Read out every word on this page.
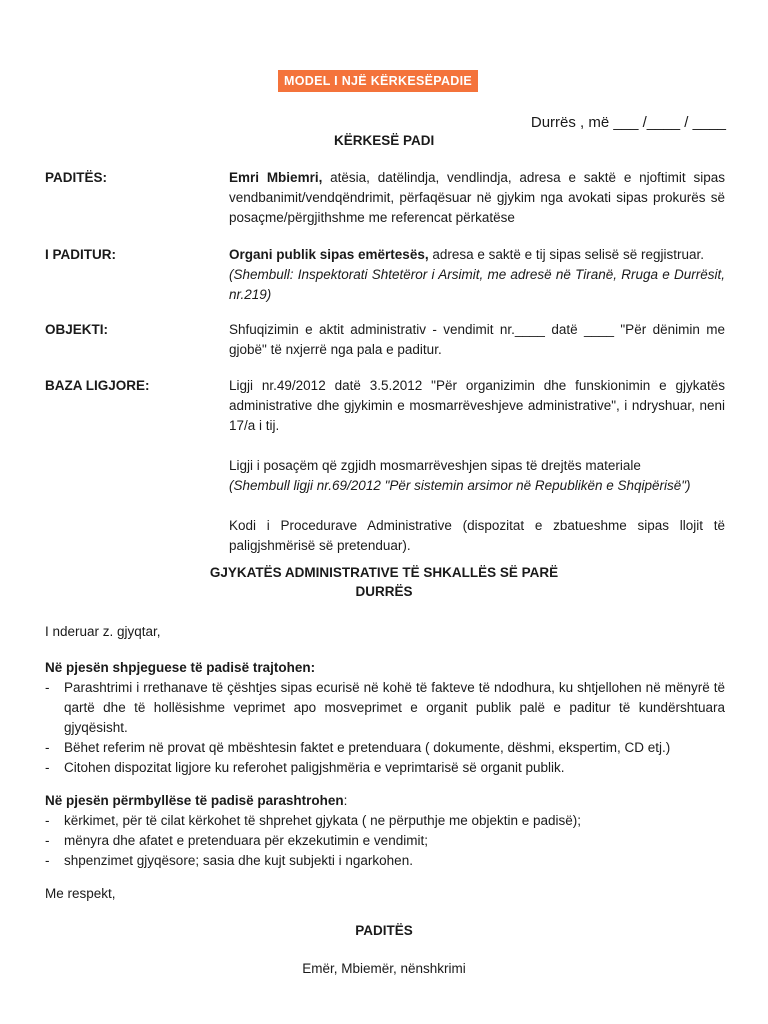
MODEL I NJË KËRKESËPADIE
Durrës , më ___ /____ / ____
KËRKESË PADI
PADITËS:	Emri Mbiemri, atësia, datëlindja, vendlindja, adresa e saktë e njoftimit sipas vendbanimit/vendqëndrimit, përfaqësuar në gjykim nga avokati sipas prokurës së posaçme/përgjithshme me referencat përkatëse

I PADITUR:	Organi publik sipas emërtesës, adresa e saktë e tij sipas selisë së regjistruar.

(Shembull: Inspektorati Shtetëror i Arsimit, me adresë në Tiranë, Rruga e Durrësit, nr.219)

OBJEKTI:	Shfuqizimin e aktit administrativ - vendimit nr.____ datë ____ "Për dënimin me gjobë" të nxjerrë nga pala e paditur.

BAZA LIGJORE:	Ligji nr.49/2012 datë 3.5.2012 "Për organizimin dhe funskionimin e gjykatës administrative dhe gjykimin e mosmarrëveshjeve administrative", i ndryshuar, neni 17/a i tij.

Ligji i posaçëm që zgjidh mosmarrëveshjen sipas të drejtës materiale

(Shembull ligji nr.69/2012 "Për sistemin arsimor në Republikën e Shqipërisë")

Kodi i Procedurave Administrative (dispozitat e zbatueshme sipas llojit të paligjshmërisë së pretenduar).

GJYKATËS ADMINISTRATIVE TË SHKALLËS SË PARË
DURRËS
I nderuar z. gjyqtar,

Në pjesën shpjeguese të padisë trajtohen:

- Parashtrimi i rrethanave të çështjes sipas ecurisë në kohë të fakteve të ndodhura, ku shtjellohen në mënyrë të qartë dhe të hollësishme veprimet apo mosveprimet e organit publik palë e paditur të kundërshtuara gjyqësisht.
- Bëhet referim në provat që mbështesin faktet e pretenduara ( dokumente, dëshmi, ekspertim, CD etj.)
- Citohen dispozitat ligjore ku referohet paligjshmëria e veprimtarisë së organit publik.

Në pjesën përmbyllëse të padisë parashtrohen:

- kërkimet, për të cilat kërkohet të shprehet gjykata ( ne përputhje me objektin e padisë);
- mënyra dhe afatet e pretenduara për ekzekutimin e vendimit;
- shpenzimet gjyqësore; sasia dhe kujt subjekti i ngarkohen.
Me respekt,
PADITËS
Emër, Mbiemër, nënshkrimi
